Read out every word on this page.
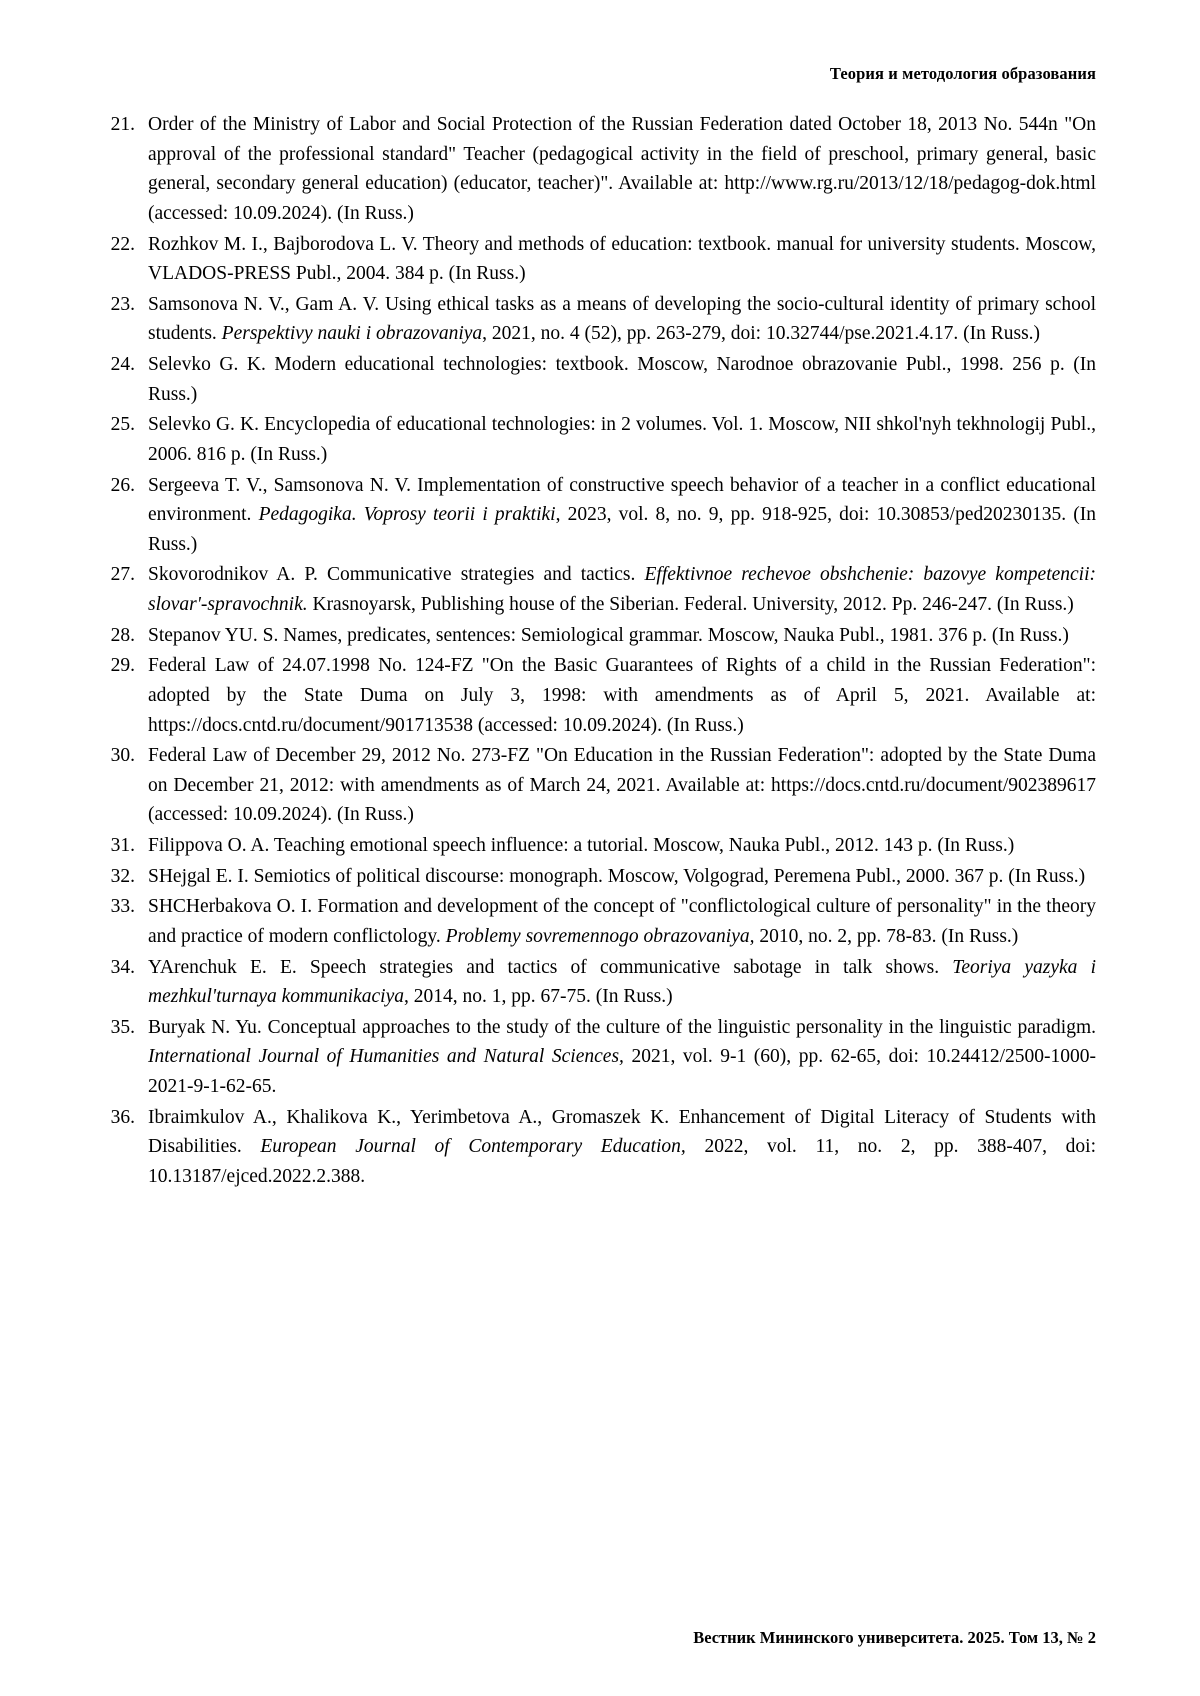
Теория и методология образования
21. Order of the Ministry of Labor and Social Protection of the Russian Federation dated October 18, 2013 No. 544n "On approval of the professional standard" Teacher (pedagogical activity in the field of preschool, primary general, basic general, secondary general education) (educator, teacher)". Available at: http://www.rg.ru/2013/12/18/pedagog-dok.html (accessed: 10.09.2024). (In Russ.)
22. Rozhkov M. I., Bajborodova L. V. Theory and methods of education: textbook. manual for university students. Moscow, VLADOS-PRESS Publ., 2004. 384 p. (In Russ.)
23. Samsonova N. V., Gam A. V. Using ethical tasks as a means of developing the socio-cultural identity of primary school students. Perspektivy nauki i obrazovaniya, 2021, no. 4 (52), pp. 263-279, doi: 10.32744/pse.2021.4.17. (In Russ.)
24. Selevko G. K. Modern educational technologies: textbook. Moscow, Narodnoe obrazovanie Publ., 1998. 256 p. (In Russ.)
25. Selevko G. K. Encyclopedia of educational technologies: in 2 volumes. Vol. 1. Moscow, NII shkol'nyh tekhnologij Publ., 2006. 816 p. (In Russ.)
26. Sergeeva T. V., Samsonova N. V. Implementation of constructive speech behavior of a teacher in a conflict educational environment. Pedagogika. Voprosy teorii i praktiki, 2023, vol. 8, no. 9, pp. 918-925, doi: 10.30853/ped20230135. (In Russ.)
27. Skovorodnikov A. P. Communicative strategies and tactics. Effektivnoe rechevoe obshchenie: bazovye kompetencii: slovar'-spravochnik. Krasnoyarsk, Publishing house of the Siberian. Federal. University, 2012. Pp. 246-247. (In Russ.)
28. Stepanov YU. S. Names, predicates, sentences: Semiological grammar. Moscow, Nauka Publ., 1981. 376 p. (In Russ.)
29. Federal Law of 24.07.1998 No. 124-FZ "On the Basic Guarantees of Rights of a child in the Russian Federation": adopted by the State Duma on July 3, 1998: with amendments as of April 5, 2021. Available at: https://docs.cntd.ru/document/901713538 (accessed: 10.09.2024). (In Russ.)
30. Federal Law of December 29, 2012 No. 273-FZ "On Education in the Russian Federation": adopted by the State Duma on December 21, 2012: with amendments as of March 24, 2021. Available at: https://docs.cntd.ru/document/902389617 (accessed: 10.09.2024). (In Russ.)
31. Filippova O. A. Teaching emotional speech influence: a tutorial. Moscow, Nauka Publ., 2012. 143 p. (In Russ.)
32. SHejgal E. I. Semiotics of political discourse: monograph. Moscow, Volgograd, Peremena Publ., 2000. 367 p. (In Russ.)
33. SHCHerbakova O. I. Formation and development of the concept of "conflictological culture of personality" in the theory and practice of modern conflictology. Problemy sovremennogo obrazovaniya, 2010, no. 2, pp. 78-83. (In Russ.)
34. YArenchuk E. E. Speech strategies and tactics of communicative sabotage in talk shows. Teoriya yazyka i mezhkul'turnaya kommunikaciya, 2014, no. 1, pp. 67-75. (In Russ.)
35. Buryak N. Yu. Conceptual approaches to the study of the culture of the linguistic personality in the linguistic paradigm. International Journal of Humanities and Natural Sciences, 2021, vol. 9-1 (60), pp. 62-65, doi: 10.24412/2500-1000-2021-9-1-62-65.
36. Ibraimkulov A., Khalikova K., Yerimbetova A., Gromaszek K. Enhancement of Digital Literacy of Students with Disabilities. European Journal of Contemporary Education, 2022, vol. 11, no. 2, pp. 388-407, doi: 10.13187/ejced.2022.2.388.
Вестник Мининского университета. 2025. Том 13, № 2
